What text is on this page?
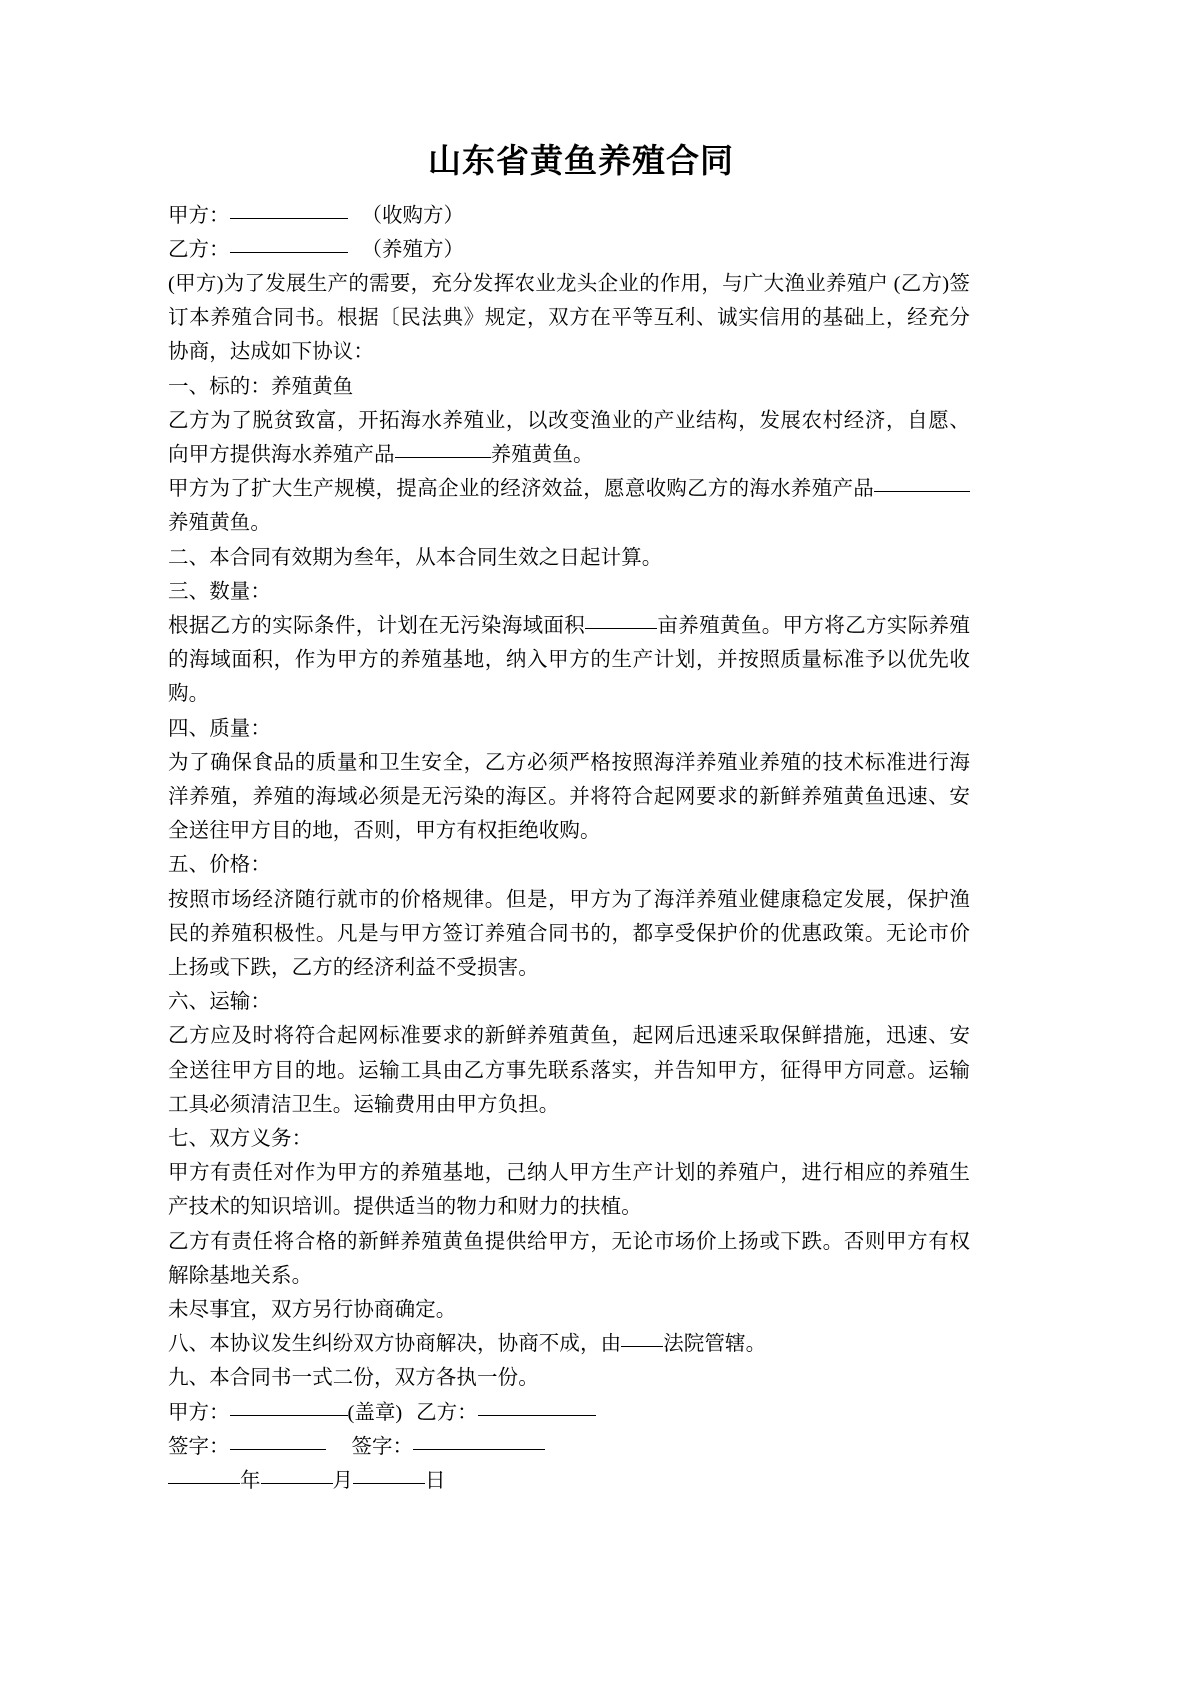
山东省黄鱼养殖合同

甲方：	（收购方）

乙方：	（养殖方）

(甲方)为了发展生产的需要，充分发挥农业龙头企业的作用，与广大渔业养殖户 (乙方)签订本养殖合同书。根据〔民法典》规定，双方在平等互利、诚实信用的基础上，经充分协商，达成如下协议：

一、标的：养殖黄鱼

乙方为了脱贫致富，开拓海水养殖业，以改变渔业的产业结构，发展农村经济，自愿、向甲方提供海水养殖产品	养殖黄鱼。

甲方为了扩大生产规模，提高企业的经济效益，愿意收购乙方的海水养殖产品养殖黄鱼。

二、本合同有效期为叁年，从本合同生效之日起计算。

三、数量：

根据乙方的实际条件，计划在无污染海域面积	亩养殖黄鱼。甲方将乙方实际养殖的海域面积，作为甲方的养殖基地，纳入甲方的生产计划，并按照质量标准予以优先收购。

四、质量：

为了确保食品的质量和卫生安全，乙方必须严格按照海洋养殖业养殖的技术标准进行海洋养殖，养殖的海域必须是无污染的海区。并将符合起网要求的新鲜养殖黄鱼迅速、安全送往甲方目的地，否则，甲方有权拒绝收购。

五、价格：

按照市场经济随行就市的价格规律。但是，甲方为了海洋养殖业健康稳定发展，保护渔民的养殖积极性。凡是与甲方签订养殖合同书的，都享受保护价的优惠政策。无论市价上扬或下跌，乙方的经济利益不受损害。

六、运输：

乙方应及时将符合起网标准要求的新鲜养殖黄鱼，起网后迅速采取保鲜措施，迅速、安全送往甲方目的地。运输工具由乙方事先联系落实，并告知甲方，征得甲方同意。运输工具必须清洁卫生。运输费用由甲方负担。

七、双方义务：

甲方有责任对作为甲方的养殖基地，己纳人甲方生产计划的养殖户，进行相应的养殖生产技术的知识培训。提供适当的物力和财力的扶植。

乙方有责任将合格的新鲜养殖黄鱼提供给甲方，无论市场价上扬或下跌。否则甲方有权解除基地关系。

未尽事宜，双方另行协商确定。

八、本协议发生纠纷双方协商解决，协商不成，由 法院管辖。

九、本合同书一式二份，双方各执一份。

甲方：	(盖章) 乙方：

签字：	签字：

年	月	日
